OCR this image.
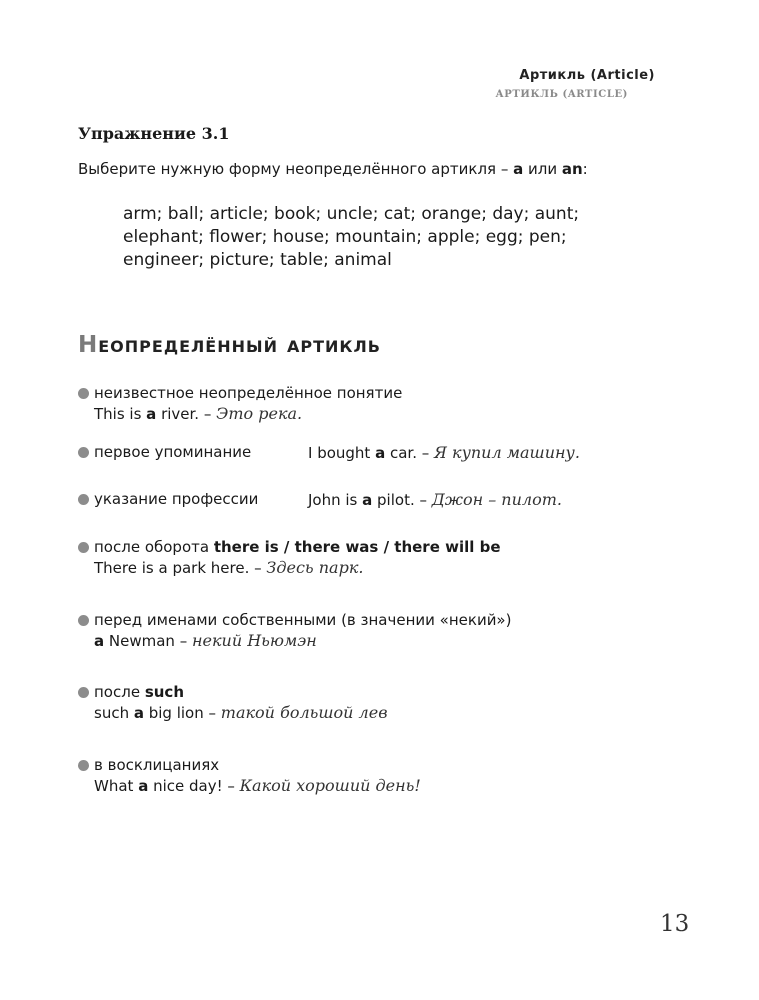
Артикль (Article)
АРТИКЛЬ (ARTICLE)
Упражнение 3.1
Выберите нужную форму неопределённого артикля – a или an:

arm; ball; article; book; uncle; cat; orange; day; aunt; elephant; flower; house; mountain; apple; egg; pen; engineer; picture; table; animal

Неопределённый артикль
неизвестное неопределённое понятие
This is a river. – Это река.
первое упоминание	I bought a car. – Я купил машину.
указание профессии	John is a pilot. – Джон – пилот.
после оборота there is / there was / there will be
There is a park here. – Здесь парк.
перед именами собственными (в значении «некий»)
a Newman – некий Ньюмэн
после such
such a big lion – такой большой лев
в восклицаниях
What a nice day! – Какой хороший день!
13
